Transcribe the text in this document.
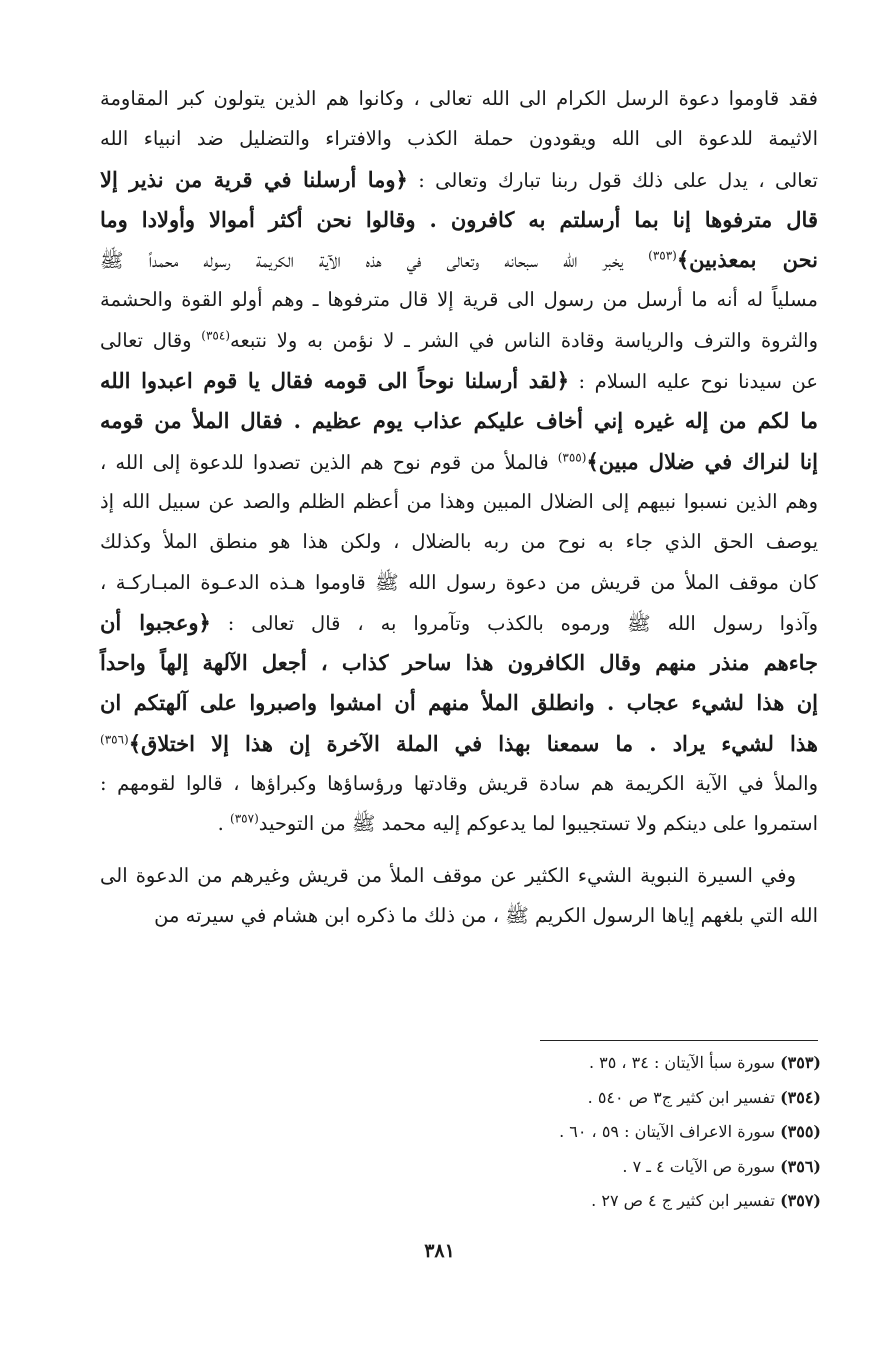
فقد قاوموا دعوة الرسل الكرام الى الله تعالى ، وكانوا هم الذين يتولون كبر المقاومة
الاثيمة للدعوة الى الله ويقودون حملة الكذب والافتراء والتضليل ضد انبياء الله
تعالى ، يدل على ذلك قول ربنا تبارك وتعالى : ﴿وما أرسلنا في قرية من نذير إلا
قال مترفوها إنا بما أرسلتم به كافرون . وقالوا نحن أكثر أموالا وأولادا وما
نحن بمعذبين﴾$^{(٣٥٣)}$ يخبر الله سبحانه وتعالى في هذه الآية الكريمة رسوله محمداً ﷺ
مسلياً له أنه ما أرسل من رسول الى قرية إلا قال مترفوها ـ وهم أولو القوة والحشمة
والثروة والترف والرياسة وقادة الناس في الشر ـ لا نؤمن به ولا نتبعه$^{(٣٥٤)}$ وقال تعالى
عن سيدنا نوح عليه السلام : ﴿لقد أرسلنا نوحاً الى قومه فقال يا قوم اعبدوا الله
ما لكم من إله غيره إني أخاف عليكم عذاب يوم عظيم . فقال الملأ من قومه
إنا لنراك في ضلال مبين﴾$^{(٣٥٥)}$ فالملأ من قوم نوح هم الذين تصدوا للدعوة إلى الله ،
وهم الذين نسبوا نبيهم إلى الضلال المبين وهذا من أعظم الظلم والصد عن سبيل الله إذ
يوصف الحق الذي جاء به نوح من ربه بالضلال ، ولكن هذا هو منطق الملأ وكذلك
كان موقف الملأ من قريش من دعوة رسول الله ﷺ قاوموا هـذه الدعـوة المبـاركـة ،
وآذوا رسول الله ﷺ ورموه بالكذب وتآمروا به ، قال تعالى : ﴿وعجبوا أن
جاءهم منذر منهم وقال الكافرون هذا ساحر كذاب ، أجعل الآلهة إلهاً واحداً
إن هذا لشيء عجاب . وانطلق الملأ منهم أن امشوا واصبروا على آلهتكم ان
هذا لشيء يراد . ما سمعنا بهذا في الملة الآخرة إن هذا إلا اختلاق﴾$^{(٣٥٦)}$
والملأ في الآية الكريمة هم سادة قريش وقادتها ورؤساؤها وكبراؤها ، قالوا لقومهم :
استمروا على دينكم ولا تستجيبوا لما يدعوكم إليه محمد ﷺ من التوحيد$^{(٣٥٧)}$ .
وفي السيرة النبوية الشيء الكثير عن موقف الملأ من قريش وغيرهم من الدعوة الى
الله التي بلغهم إياها الرسول الكريم ﷺ ، من ذلك ما ذكره ابن هشام في سيرته من
(٣٥٣) سورة سبأ الآيتان : ٣٤ ، ٣٥ .
(٣٥٤) تفسير ابن كثير ج٣ ص ٥٤٠ .
(٣٥٥) سورة الاعراف الآيتان : ٥٩ ، ٦٠ .
(٣٥٦) سورة ص الآيات ٤ ـ ٧ .
(٣٥٧) تفسير ابن كثير ج ٤ ص ٢٧ .
٣٨١
